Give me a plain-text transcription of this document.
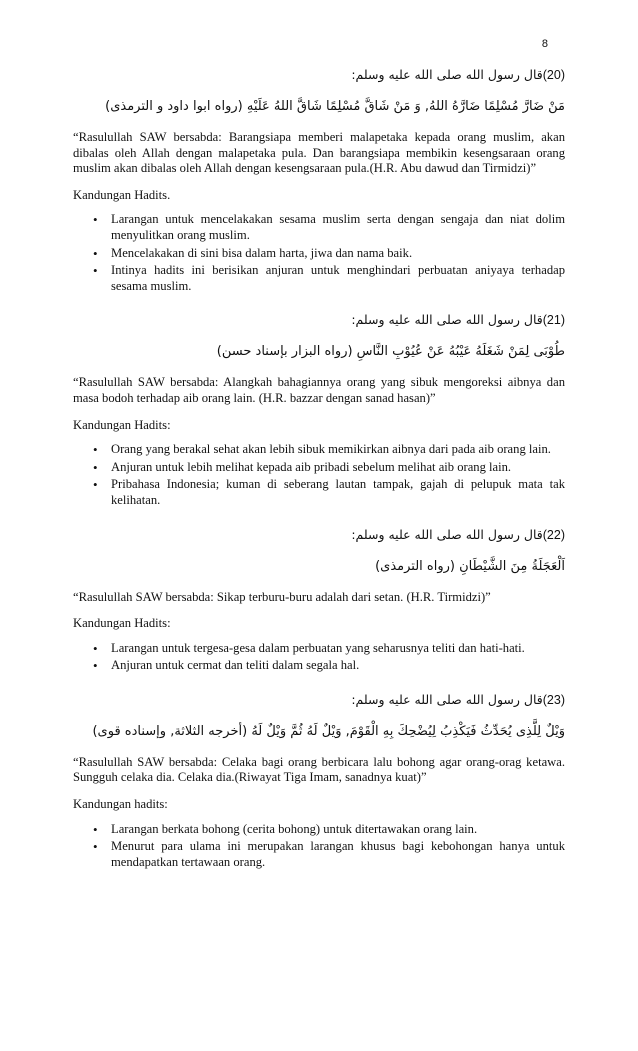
8

(20)قال رسول الله صلى الله عليه وسلم:

مَنْ ضَارَّ مُسْلِمًا ضَارَّهُ اللهُ, وَ مَنْ شَاقَّ مُسْلِمًا شَاقَّ اللهُ عَلَيْهِ (رواه ابوا داود و الترمذى)

“Rasulullah SAW bersabda: Barangsiapa memberi malapetaka kepada orang muslim, akan dibalas oleh Allah dengan malapetaka pula. Dan barangsiapa membikin kesengsaraan orang muslim akan dibalas oleh Allah dengan kesengsaraan pula.(H.R. Abu dawud dan Tirmidzi)”

Kandungan Hadits.

• Larangan untuk mencelakakan sesama muslim serta dengan sengaja dan niat dolim menyulitkan orang muslim.
• Mencelakakan di sini bisa dalam harta, jiwa dan nama baik.
• Intinya hadits ini berisikan anjuran untuk menghindari perbuatan aniyaya terhadap sesama muslim.

(21)قال رسول الله صلى الله عليه وسلم:

طُوْبَى لِمَنْ شَغَلَهُ عَيْبُهُ عَنْ عُيُوْبِ النَّاسِ (رواه البزار بإسناد حسن)

“Rasulullah SAW bersabda: Alangkah bahagiannya orang yang sibuk mengoreksi aibnya dan masa bodoh terhadap aib orang lain. (H.R. bazzar dengan sanad hasan)”

Kandungan Hadits:

• Orang yang berakal sehat akan lebih sibuk memikirkan aibnya dari pada aib orang lain.
• Anjuran untuk lebih melihat kepada aib pribadi sebelum melihat aib orang lain.
• Pribahasa Indonesia; kuman di seberang lautan tampak, gajah di pelupuk mata tak kelihatan.

(22)قال رسول الله صلى الله عليه وسلم:

اَلْعَجَلَةُ مِنَ الشَّيْطَانِ (رواه الترمذى)

“Rasulullah SAW bersabda: Sikap terburu-buru adalah dari setan. (H.R. Tirmidzi)”

Kandungan Hadits:

• Larangan untuk tergesa-gesa dalam perbuatan yang seharusnya teliti dan hati-hati.
• Anjuran untuk cermat dan teliti dalam segala hal.

(23)قال رسول الله صلى الله عليه وسلم:

وَيْلٌ لِلَّذِى يُحَدِّثُ فَيَكْذِبُ لِيُضْحِكَ بِهِ الْقَوْمَ, وَيْلٌ لَهُ ثُمَّ وَيْلٌ لَهُ (أخرجه الثلاثة, وإسناده قوى)

“Rasulullah SAW bersabda: Celaka bagi orang berbicara lalu bohong agar orang-orag ketawa. Sungguh celaka dia. Celaka dia.(Riwayat Tiga Imam, sanadnya kuat)”

Kandungan hadits:

• Larangan berkata bohong (cerita bohong) untuk ditertawakan orang lain.
• Menurut para ulama ini merupakan larangan khusus bagi kebohongan hanya untuk mendapatkan tertawaan orang.
